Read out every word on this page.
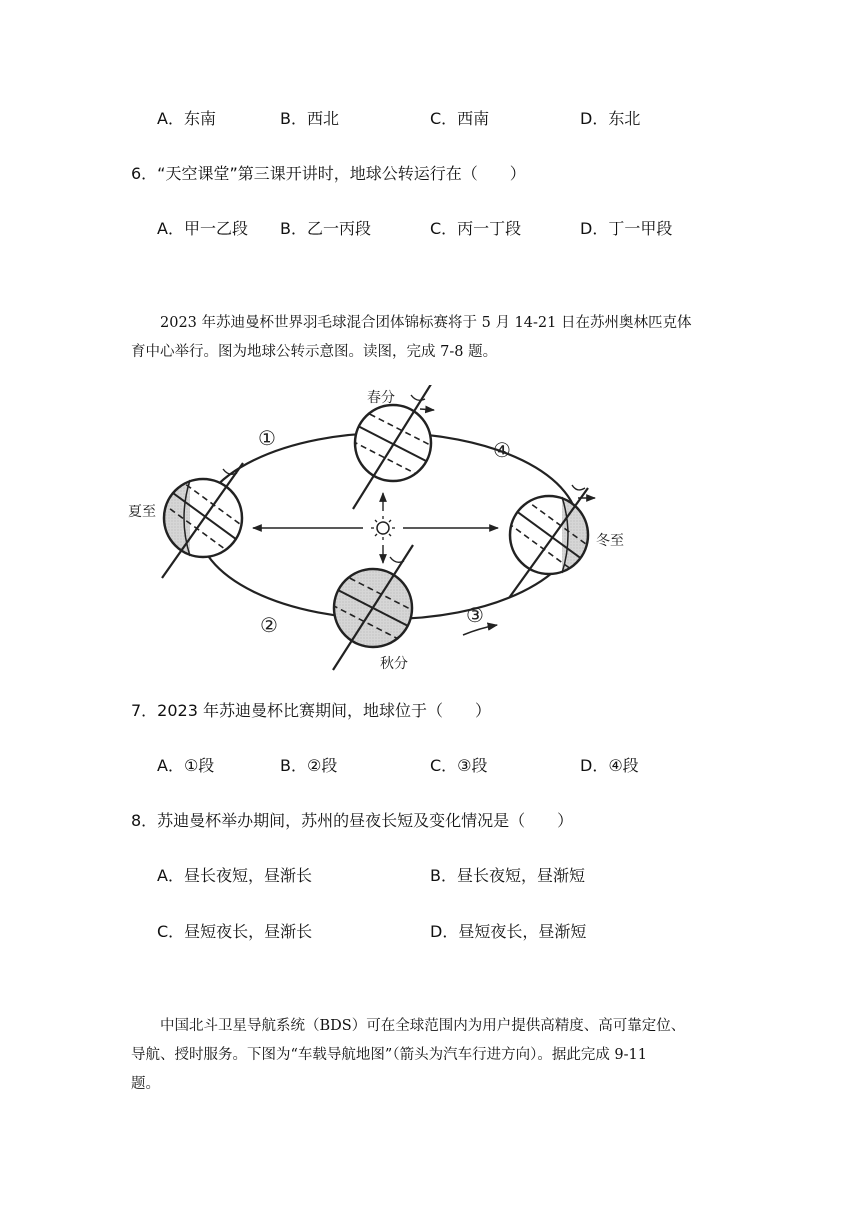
A．东南	B．西北	C．西南	D．东北
6．“天空课堂”第三课开讲时，地球公转运行在（　　）
A．甲一乙段 B．乙一丙段	C．丙一丁段	D．丁一甲段

2023 年苏迪曼杯世界羽毛球混合团体锦标赛将于 5 月 14-21 日在苏州奥林匹克体

育中心举行。图为地球公转示意图。读图，完成 7-8 题。

春分
夏至
秋分
冬至
①
②	③
④
7．2023 年苏迪曼杯比赛期间，地球位于（　　）
A．①段	B．②段	C．③段	D．④段
8．苏迪曼杯举办期间，苏州的昼夜长短及变化情况是（　　）
A．昼长夜短，昼渐长	B．昼长夜短，昼渐短
C．昼短夜长，昼渐长	D．昼短夜长，昼渐短

中国北斗卫星导航系统（BDS）可在全球范围内为用户提供高精度、高可靠定位、

导航、授时服务。下图为“车载导航地图”（箭头为汽车行进方向）。据此完成 9-11

题。
